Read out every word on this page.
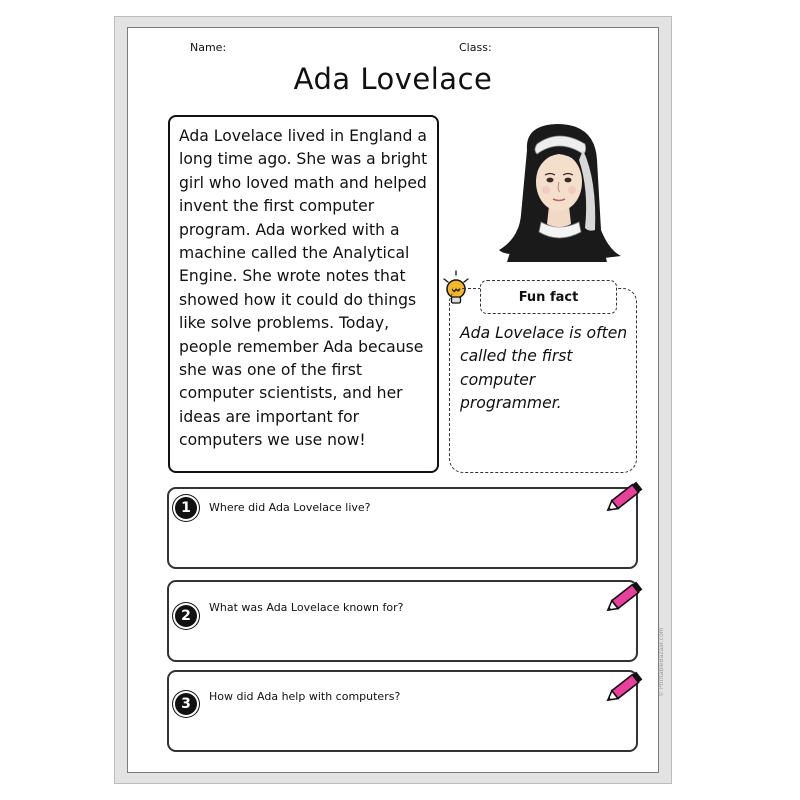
Name:	Class:
Ada Lovelace
Ada Lovelace lived in England a long time ago. She was a bright girl who loved math and helped invent the first computer program. Ada worked with a machine called the Analytical Engine. She wrote notes that showed how it could do things like solve problems. Today, people remember Ada because she was one of the first computer scientists, and her ideas are important for computers we use now!
Fun fact
Ada Lovelace is often called the first computer programmer.
1	Where did Ada Lovelace live?
2
What was Ada Lovelace known for?
3	How did Ada help with computers?	© PrintableBazaar.com
